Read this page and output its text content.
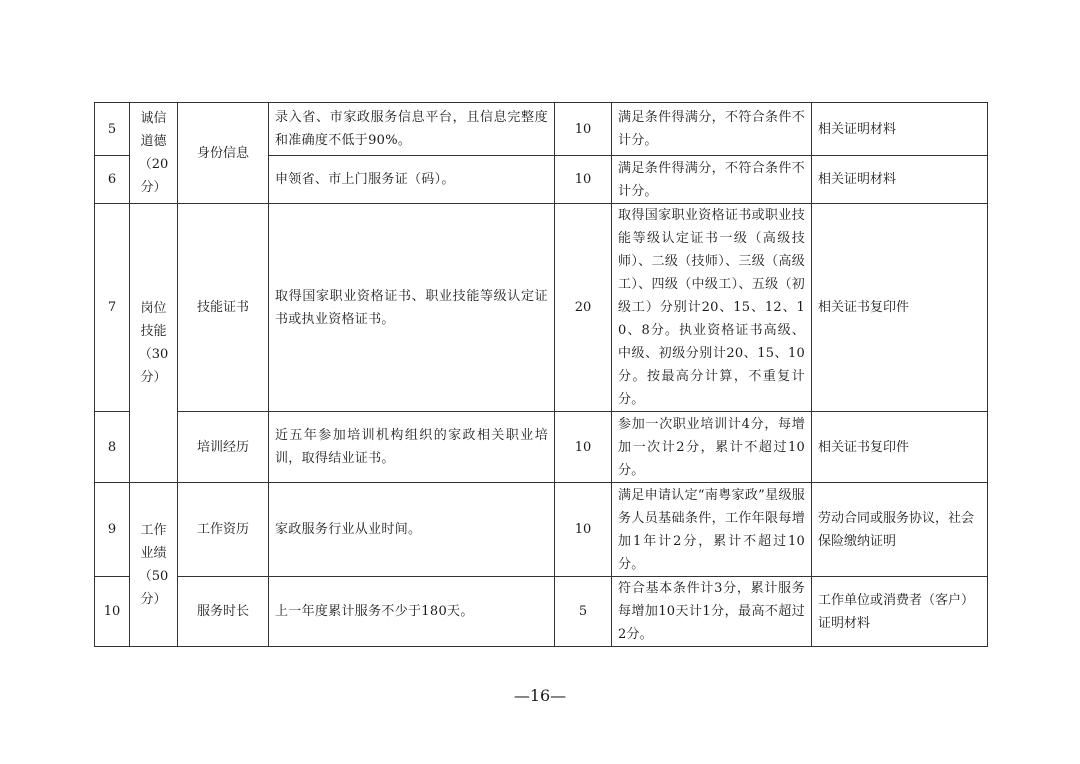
5	诚信道德（20分）	身份信息	录入省、市家政服务信息平台，且信息完整度和准确度不低于90%。	10	满足条件得满分，不符合条件不计分。	相关证明材料
6			申领省、市上门服务证（码）。	10	满足条件得满分，不符合条件不计分。	相关证明材料
7	岗位技能（30分）	技能证书	取得国家职业资格证书、职业技能等级认定证书或执业资格证书。	20	取得国家职业资格证书或职业技能等级认定证书一级（高级技师）、二级（技师）、三级（高级工）、四级（中级工）、五级（初级工）分别计20、15、12、10、8分。执业资格证书高级、中级、初级分别计20、15、10分。按最高分计算，不重复计分。	相关证书复印件
8		培训经历	近五年参加培训机构组织的家政相关职业培训，取得结业证书。	10	参加一次职业培训计4分，每增加一次计2分，累计不超过10分。	相关证书复印件
9	工作业绩（50分）	工作资历	家政服务行业从业时间。	10	满足申请认定“南粤家政”星级服务人员基础条件，工作年限每增加1年计2分，累计不超过10分。	劳动合同或服务协议，社会保险缴纳证明
10		服务时长	上一年度累计服务不少于180天。	5	符合基本条件计3分，累计服务每增加10天计1分，最高不超过2分。	工作单位或消费者（客户）证明材料
—16—
